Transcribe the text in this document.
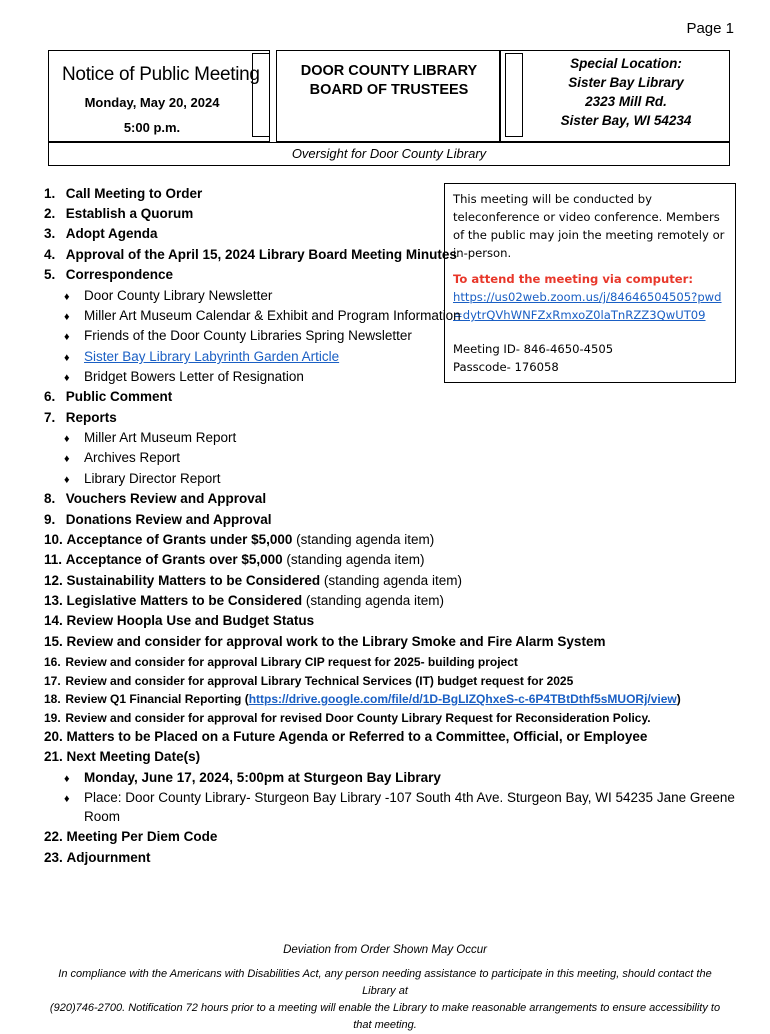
Page 1
Notice of Public Meeting
Monday, May 20, 2024
5:00 p.m.
DOOR COUNTY LIBRARY
BOARD OF TRUSTEES
Special Location:
Sister Bay Library
2323 Mill Rd.
Sister Bay, WI 54234
Oversight for Door County Library

This meeting will be conducted by teleconference or video conference. Members of the public may join the meeting remotely or in-person.

To attend the meeting via computer:

https://us02web.zoom.us/j/84646504505?pwd=dytrQVhWNFZxRmxoZ0laTnRZZ3QwUT09

Meeting ID- 846-4650-4505

Passcode- 176058

1. Call Meeting to Order
2. Establish a Quorum
3. Adopt Agenda
4. Approval of the April 15, 2024 Library Board Meeting Minutes
5. Correspondence
♦ Door County Library Newsletter
♦ Miller Art Museum Calendar & Exhibit and Program Information
♦ Friends of the Door County Libraries Spring Newsletter
♦ Sister Bay Library Labyrinth Garden Article
♦ Bridget Bowers Letter of Resignation
6. Public Comment
7. Reports
♦ Miller Art Museum Report
♦ Archives Report
♦ Library Director Report
8. Vouchers Review and Approval
9. Donations Review and Approval
10. Acceptance of Grants under $5,000 (standing agenda item)
11. Acceptance of Grants over $5,000 (standing agenda item)
12. Sustainability Matters to be Considered (standing agenda item)
13. Legislative Matters to be Considered (standing agenda item)
14. Review Hoopla Use and Budget Status
15. Review and consider for approval work to the Library Smoke and Fire Alarm System
16. Review and consider for approval Library CIP request for 2025- building project
17. Review and consider for approval Library Technical Services (IT) budget request for 2025
18. Review Q1 Financial Reporting (https://drive.google.com/file/d/1D-BgLIZQhxeS-c-6P4TBtDthf5sMUORj/view)
19. Review and consider for approval for revised Door County Library Request for Reconsideration Policy.
20. Matters to be Placed on a Future Agenda or Referred to a Committee, Official, or Employee
21. Next Meeting Date(s)
♦ Monday, June 17, 2024, 5:00pm at Sturgeon Bay Library
♦ Place: Door County Library- Sturgeon Bay Library -107 South 4th Ave. Sturgeon Bay, WI 54235 Jane Greene
Room
22. Meeting Per Diem Code
23. Adjournment
Deviation from Order Shown May Occur
In compliance with the Americans with Disabilities Act, any person needing assistance to participate in this meeting, should contact the Library at
(920)746-2700. Notification 72 hours prior to a meeting will enable the Library to make reasonable arrangements to ensure accessibility to that meeting.
